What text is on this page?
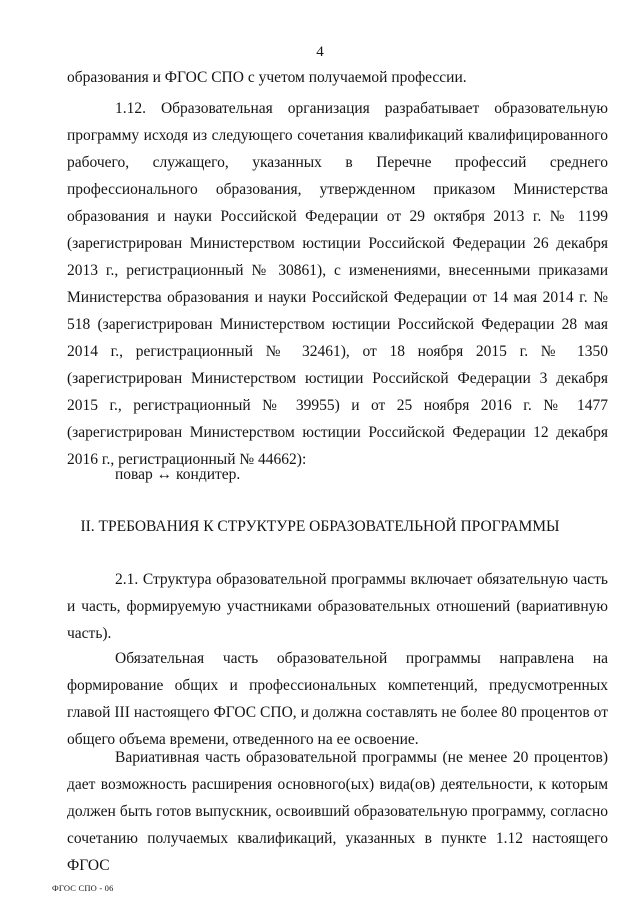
4
образования и ФГОС СПО с учетом получаемой профессии.
1.12. Образовательная организация разрабатывает образовательную программу исходя из следующего сочетания квалификаций квалифицированного рабочего, служащего, указанных в Перечне профессий среднего профессионального образования, утвержденном приказом Министерства образования и науки Российской Федерации от 29 октября 2013 г. № 1199 (зарегистрирован Министерством юстиции Российской Федерации 26 декабря 2013 г., регистрационный № 30861), с изменениями, внесенными приказами Министерства образования и науки Российской Федерации от 14 мая 2014 г. № 518 (зарегистрирован Министерством юстиции Российской Федерации 28 мая 2014 г., регистрационный № 32461), от 18 ноября 2015 г. № 1350 (зарегистрирован Министерством юстиции Российской Федерации 3 декабря 2015 г., регистрационный № 39955) и от 25 ноября 2016 г. № 1477 (зарегистрирован Министерством юстиции Российской Федерации 12 декабря 2016 г., регистрационный № 44662):
повар ↔ кондитер.
II. ТРЕБОВАНИЯ К СТРУКТУРЕ ОБРАЗОВАТЕЛЬНОЙ ПРОГРАММЫ
2.1. Структура образовательной программы включает обязательную часть и часть, формируемую участниками образовательных отношений (вариативную часть).
Обязательная часть образовательной программы направлена на формирование общих и профессиональных компетенций, предусмотренных главой III настоящего ФГОС СПО, и должна составлять не более 80 процентов от общего объема времени, отведенного на ее освоение.
Вариативная часть образовательной программы (не менее 20 процентов) дает возможность расширения основного(ых) вида(ов) деятельности, к которым должен быть готов выпускник, освоивший образовательную программу, согласно сочетанию получаемых квалификаций, указанных в пункте 1.12 настоящего ФГОС
ФГОС СПО - 06
